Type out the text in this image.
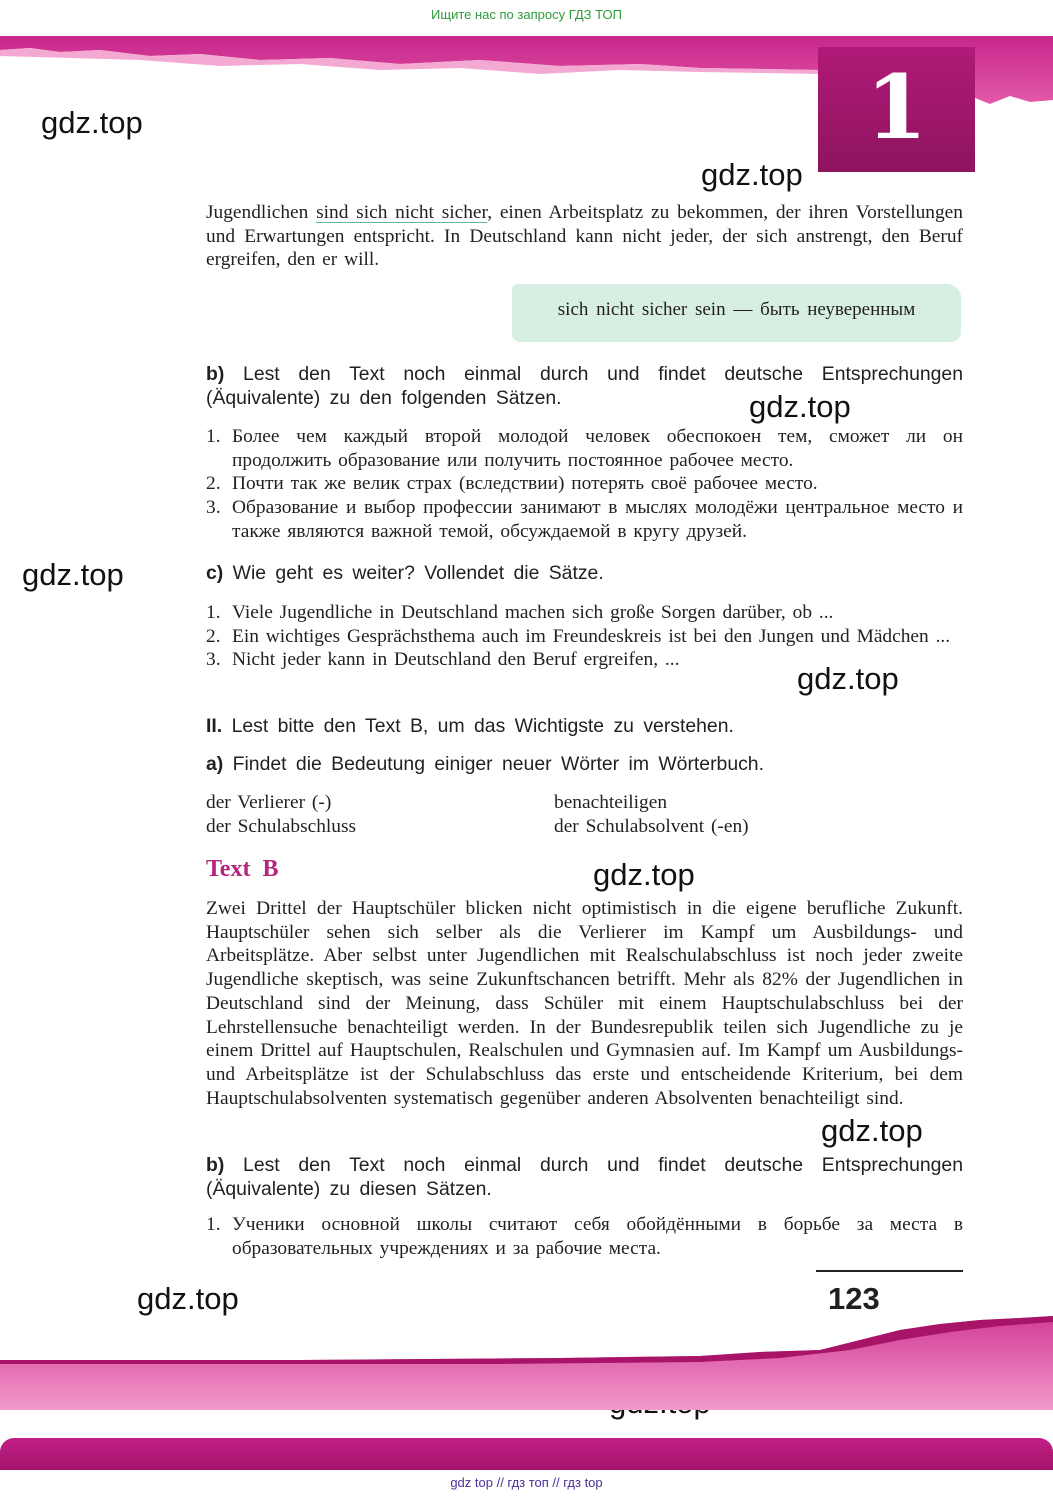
Ищите нас по запросу ГДЗ ТОП
1
gdz.top
gdz.top
gdz.top
gdz.top
gdz.top
gdz.top
gdz.top
gdz.top
Jugendlichen sind sich nicht sicher, einen Arbeitsplatz zu bekommen, der ihren Vorstellungen und Erwartungen entspricht. In Deutschland kann nicht jeder, der sich anstrengt, den Beruf ergreifen, den er will.
sich nicht sicher sein — быть неуверенным
b) Lest den Text noch einmal durch und findet deutsche Entsprechungen (Äquivalente) zu den folgenden Sätzen.
1. Более чем каждый второй молодой человек обеспокоен тем, сможет ли он продолжить образование или получить постоянное рабочее место.
2. Почти так же велик страх (вследствии) потерять своё рабочее место.
3. Образование и выбор профессии занимают в мыслях молодёжи центральное место и также являются важной темой, обсуждаемой в кругу друзей.
c) Wie geht es weiter? Vollendet die Sätze.
1. Viele Jugendliche in Deutschland machen sich große Sorgen darüber, ob ...
2. Ein wichtiges Gesprächsthema auch im Freundeskreis ist bei den Jungen und Mädchen ...
3. Nicht jeder kann in Deutschland den Beruf ergreifen, ...
II. Lest bitte den Text B, um das Wichtigste zu verstehen.
a) Findet die Bedeutung einiger neuer Wörter im Wörterbuch.
der Verlierer (-)	benachteiligen
der Schulabschluss	der Schulabsolvent (-en)
Text B
Zwei Drittel der Hauptschüler blicken nicht optimistisch in die eigene berufliche Zukunft. Hauptschüler sehen sich selber als die Verlierer im Kampf um Ausbildungs- und Arbeitsplätze. Aber selbst unter Jugendlichen mit Realschulabschluss ist noch jeder zweite Jugendliche skeptisch, was seine Zukunftschancen betrifft. Mehr als 82% der Jugendlichen in Deutschland sind der Meinung, dass Schüler mit einem Hauptschulabschluss bei der Lehrstellensuche benachteiligt werden. In der Bundesrepublik teilen sich Jugendliche zu je einem Drittel auf Hauptschulen, Realschulen und Gymnasien auf. Im Kampf um Ausbildungs- und Arbeitsplätze ist der Schulabschluss das erste und entscheidende Kriterium, bei dem Hauptschulabsolventen systematisch gegenüber anderen Absolventen benachteiligt sind.
b) Lest den Text noch einmal durch und findet deutsche Entsprechungen (Äquivalente) zu diesen Sätzen.
1. Ученики основной школы считают себя обойдёнными в борьбе за места в образовательных учреждениях и за рабочие места.
123
gdz top // гдз топ // гдз top
